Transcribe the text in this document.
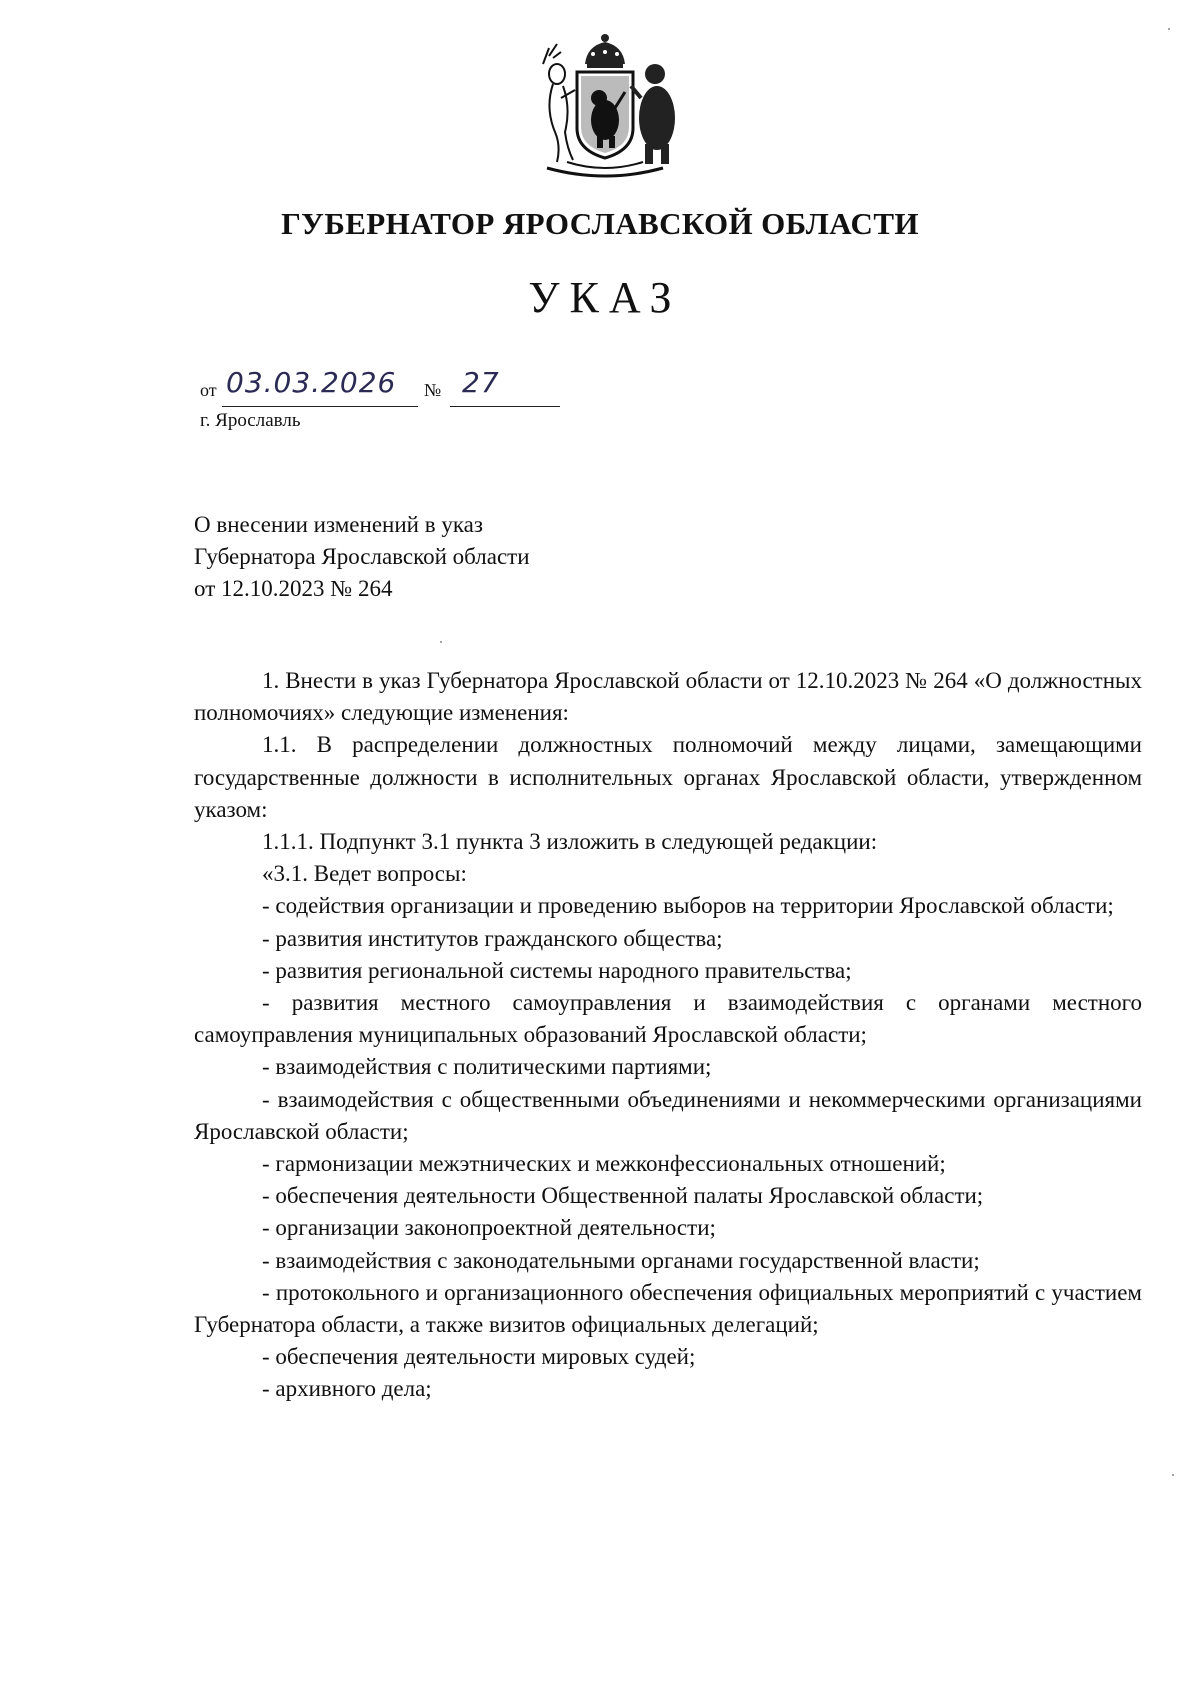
ГУБЕРНАТОР ЯРОСЛАВСКОЙ ОБЛАСТИ
УКАЗ
от 03.03.2026 № 27
г. Ярославль
О внесении изменений в указ
Губернатора Ярославской области
от 12.10.2023 № 264

1. Внести в указ Губернатора Ярославской области от 12.10.2023 № 264 «О должностных полномочиях» следующие изменения:

1.1. В распределении должностных полномочий между лицами, замещающими государственные должности в исполнительных органах Ярославской области, утвержденном указом:

1.1.1. Подпункт 3.1 пункта 3 изложить в следующей редакции:

«3.1. Ведет вопросы:

- содействия организации и проведению выборов на территории Ярославской области;

- развития институтов гражданского общества;

- развития региональной системы народного правительства;

- развития местного самоуправления и взаимодействия с органами местного самоуправления муниципальных образований Ярославской области;

- взаимодействия с политическими партиями;

- взаимодействия с общественными объединениями и некоммерческими организациями Ярославской области;

- гармонизации межэтнических и межконфессиональных отношений;

- обеспечения деятельности Общественной палаты Ярославской области;

- организации законопроектной деятельности;

- взаимодействия с законодательными органами государственной власти;

- протокольного и организационного обеспечения официальных мероприятий с участием Губернатора области, а также визитов официальных делегаций;

- обеспечения деятельности мировых судей;

- архивного дела;
